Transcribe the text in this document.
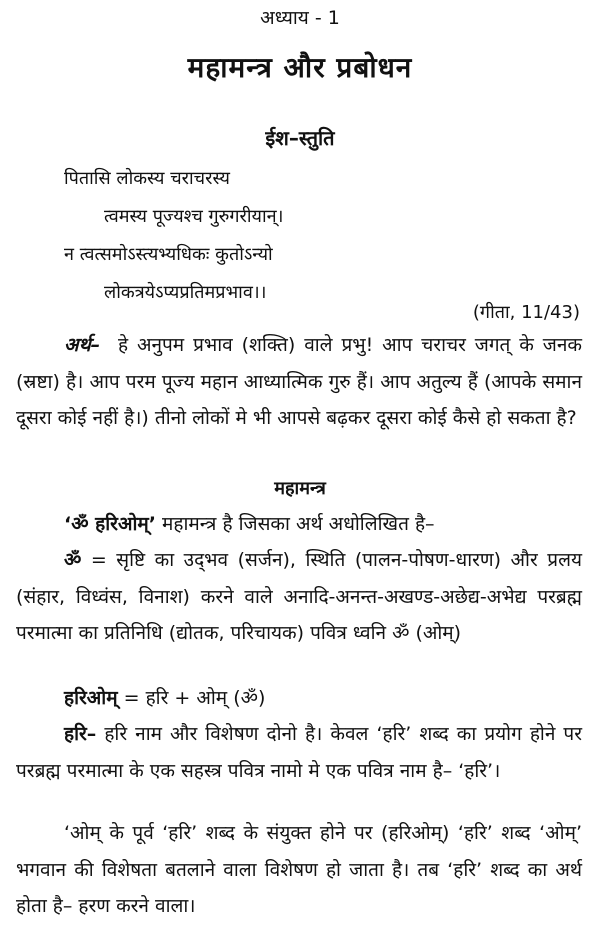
अध्याय - 1
महामन्त्र और प्रबोधन
ईश–स्तुति
पितासि लोकस्य चराचरस्य
त्वमस्य पूज्यश्च गुरुगरीयान्।
न त्वत्समोऽस्त्यभ्यधिकः कुतोऽन्यो
लोकत्रयेऽप्यप्रतिमप्रभाव।।
(गीता, 11/43)
अर्थ– हे अनुपम प्रभाव (शक्ति) वाले प्रभु! आप चराचर जगत् के जनक (स्रष्टा) है। आप परम पूज्य महान आध्यात्मिक गुरु हैं। आप अतुल्य हैं (आपके समान दूसरा कोई नहीं है।) तीनो लोकों मे भी आपसे बढ़कर दूसरा कोई कैसे हो सकता है?
महामन्त्र
‘ॐ हरिओम्’ महामन्त्र है जिसका अर्थ अधोलिखित है–
ॐ = सृष्टि का उद्‌भव (सर्जन), स्थिति (पालन-पोषण-धारण) और प्रलय (संहार, विध्वंस, विनाश) करने वाले अनादि-अनन्त-अखण्ड-अछेद्य-अभेद्य परब्रह्म परमात्मा का प्रतिनिधि (द्योतक, परिचायक) पवित्र ध्वनि ॐ (ओम्)
हरिओम् = हरि + ओम् (ॐ)
हरि– हरि नाम और विशेषण दोनो है। केवल ‘हरि’ शब्द का प्रयोग होने पर परब्रह्म परमात्मा के एक सहस्त्र पवित्र नामो मे एक पवित्र नाम है– ‘हरि’।
‘ओम् के पूर्व ‘हरि’ शब्द के संयुक्त होने पर (हरिओम्) ‘हरि’ शब्द ‘ओम्’ भगवान की विशेषता बतलाने वाला विशेषण हो जाता है। तब ‘हरि’ शब्द का अर्थ होता है– हरण करने वाला।
